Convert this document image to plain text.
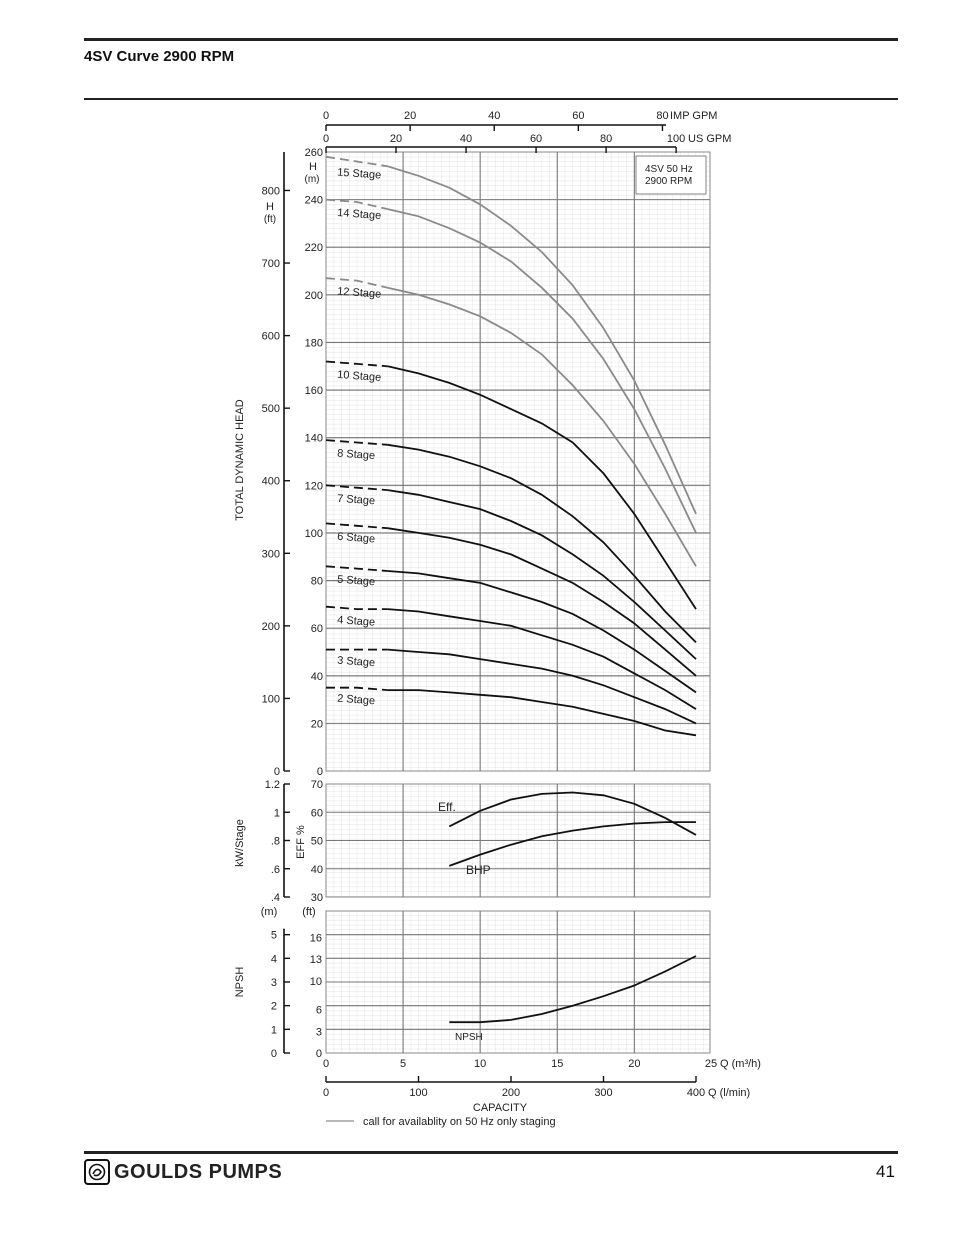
4SV Curve 2900 RPM
15 Stage
14 Stage
12 Stage
10 Stage
8 Stage
7 Stage
6 Stage
5 Stage
4 Stage
3 Stage
2 Stage
4SV 50 Hz
2900 RPM
0
20
40
60
80
100
120
140
160
180
200
220
240
260
0
100
200
300
400
500
600
700
800
H
(m)
H
(ft)
TOTAL DYNAMIC HEAD
0	20	40	60	80 IMP GPM
0	20	40	60	80	100 US GPM
.4
.6
.8
1
1.2
30
40
50
60
70
kW/Stage	EFF %
Eff.
BHP
0
1
2
3
4
5
0
3
6
10
13
16
(m) (ft)
NPSH
NPSH
0	5	10	15	20	25 Q (m³/h)
0	100	200	300	400 Q (l/min)
CAPACITY
call for availablity on 50 Hz only staging
GOULDS PUMPS	41
